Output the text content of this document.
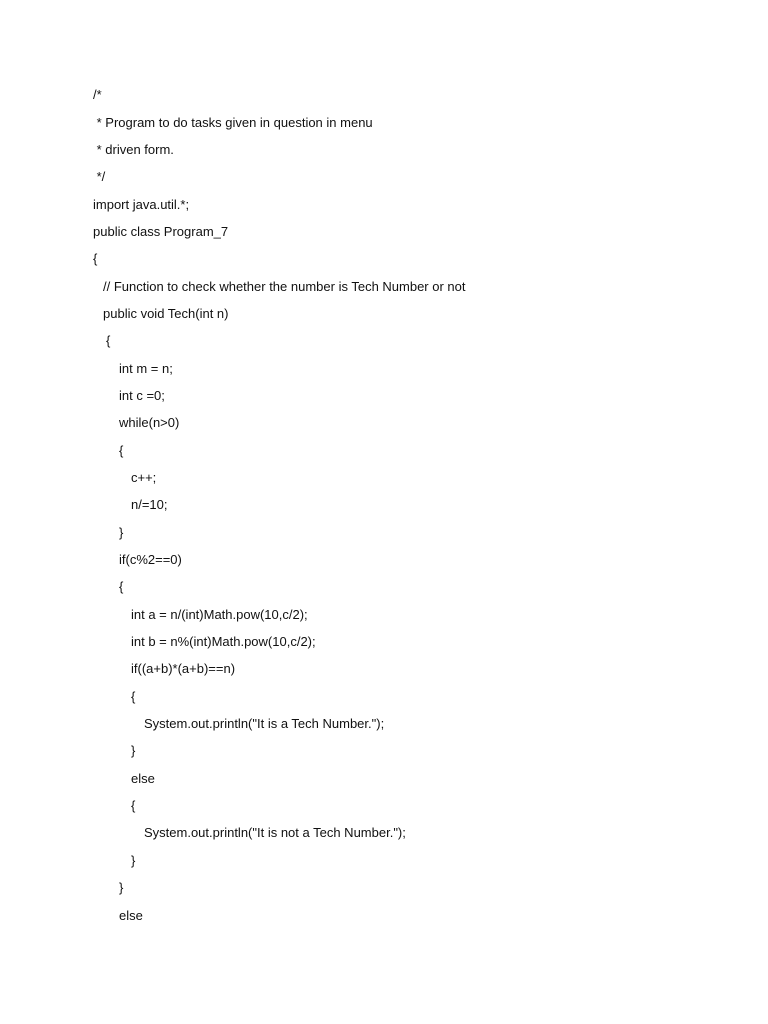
/*

* Program to do tasks given in question in menu

* driven form.

*/

import java.util.*;

public class Program_7

{

// Function to check whether the number is Tech Number or not

public void Tech(int n)

{

int m = n;

int c =0;

while(n>0)

{

c++;

n/=10;

}

if(c%2==0)

{

int a = n/(int)Math.pow(10,c/2);

int b = n%(int)Math.pow(10,c/2);

if((a+b)*(a+b)==n)

{

System.out.println("It is a Tech Number.");

}

else

{

System.out.println("It is not a Tech Number.");

}

}

else
